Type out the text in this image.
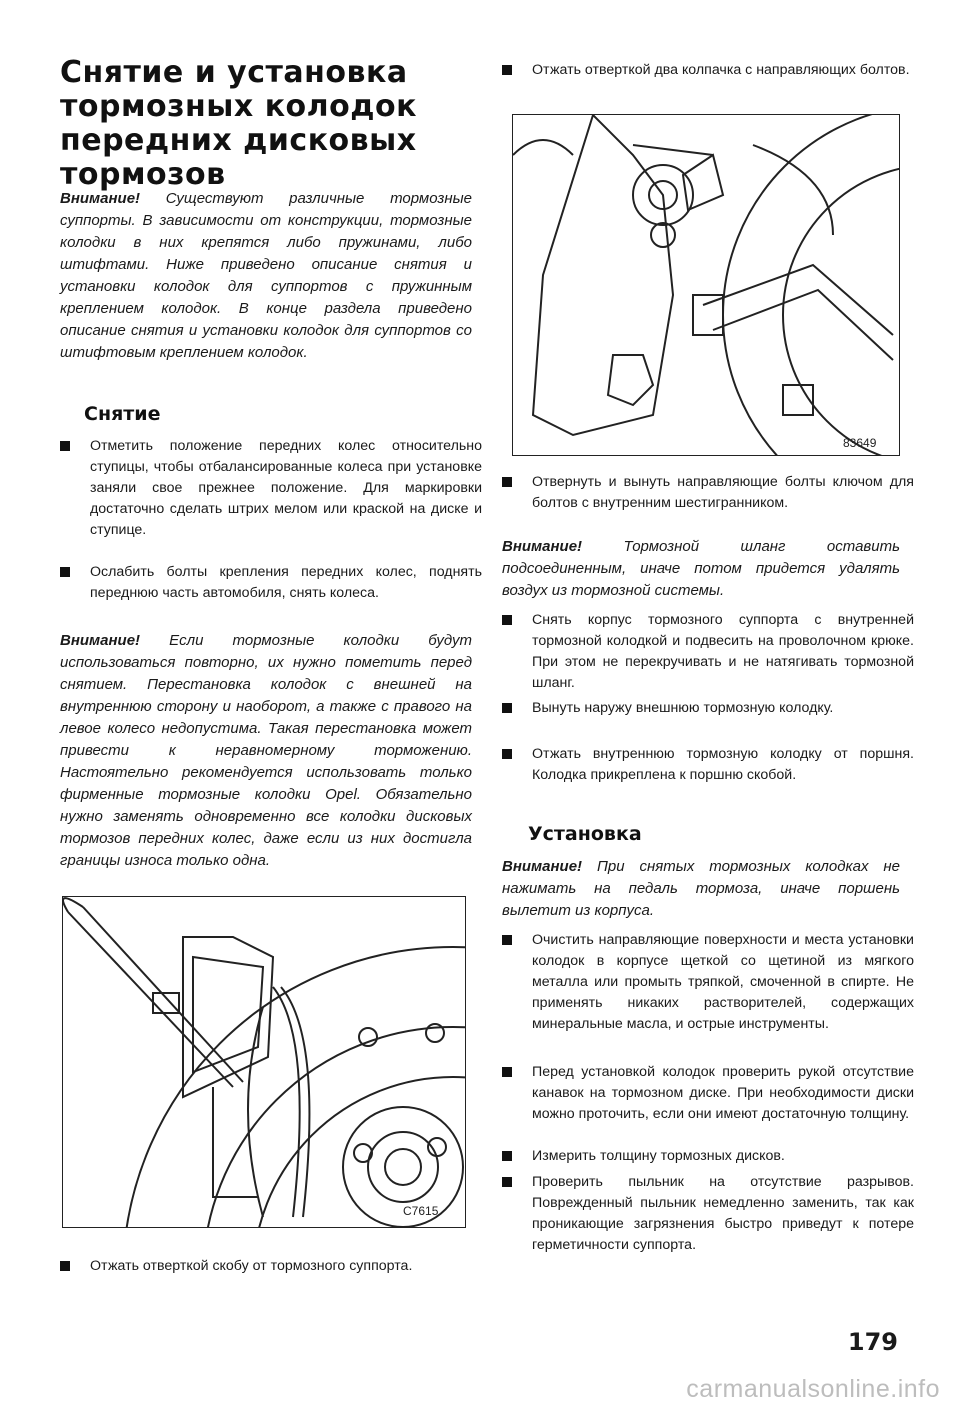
Снятие и установка тормозных колодок передних дисковых тормозов

Внимание! Существуют различные тормозные суппорты. В зависимости от конструкции, тормозные колодки в них крепятся либо пружинами, либо штифтами. Ниже приведено описание снятия и установки колодок для суппортов с пружинным креплением колодок. В конце раздела приведено описание снятия и установки колодок для суппортов со штифтовым креплением колодок.

Снятие

Отметить положение передних колес относительно ступицы, чтобы отбалансированные колеса при установке заняли свое прежнее положение. Для маркировки достаточно сделать штрих мелом или краской на диске и ступице.

Ослабить болты крепления передних колес, поднять переднюю часть автомобиля, снять колеса.

Внимание! Если тормозные колодки будут использоваться повторно, их нужно пометить перед снятием. Перестановка колодок с внешней на внутреннюю сторону и наоборот, а также с правого на левое колесо недопустима. Такая перестановка может привести к неравномерному торможению. Настоятельно рекомендуется использовать только фирменные тормозные колодки Opel. Обязательно нужно заменять одновременно все колодки дисковых тормозов передних колес, даже если из них достигла границы износа только одна.

C7615

Отжать отверткой скобу от тормозного суппорта.

Отжать отверткой два колпачка с направляющих болтов.

83649

Отвернуть и вынуть направляющие болты ключом для болтов с внутренним шестигранником.

Внимание! Тормозной шланг оставить подсоединенным, иначе потом придется удалять воздух из тормозной системы.

Снять корпус тормозного суппорта с внутренней тормозной колодкой и подвесить на проволочном крюке. При этом не перекручивать и не натягивать тормозной шланг.

Вынуть наружу внешнюю тормозную колодку.

Отжать внутреннюю тормозную колодку от поршня. Колодка прикреплена к поршню скобой.

Установка

Внимание! При снятых тормозных колодках не нажимать на педаль тормоза, иначе поршень вылетит из корпуса.

Очистить направляющие поверхности и места установки колодок в корпусе щеткой со щетиной из мягкого металла или промыть тряпкой, смоченной в спирте. Не применять никаких растворителей, содержащих минеральные масла, и острые инструменты.

Перед установкой колодок проверить рукой отсутствие канавок на тормозном диске. При необходимости диски можно проточить, если они имеют достаточную толщину.

Измерить толщину тормозных дисков.

Проверить пыльник на отсутствие разрывов. Поврежденный пыльник немедленно заменить, так как проникающие загрязнения быстро приведут к потере герметичности суппорта.

179
carmanualsonline.info
